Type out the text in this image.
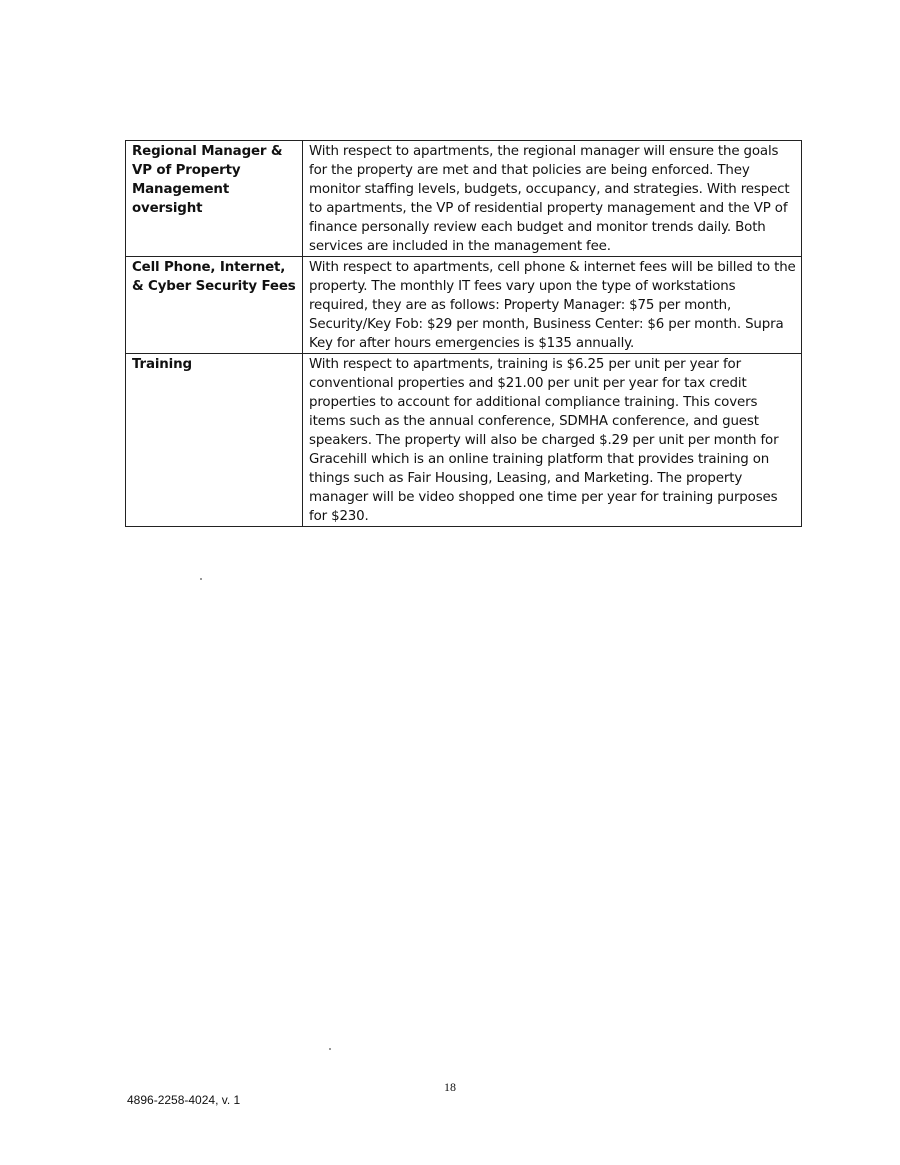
Regional Manager & VP of Property Management oversight	With respect to apartments, the regional manager will ensure the goals for the property are met and that policies are being enforced. They monitor staffing levels, budgets, occupancy, and strategies. With respect to apartments, the VP of residential property management and the VP of finance personally review each budget and monitor trends daily. Both services are included in the management fee.
Cell Phone, Internet, & Cyber Security Fees	With respect to apartments, cell phone & internet fees will be billed to the property. The monthly IT fees vary upon the type of workstations required, they are as follows: Property Manager: $75 per month, Security/Key Fob: $29 per month, Business Center: $6 per month. Supra Key for after hours emergencies is $135 annually.
Training	With respect to apartments, training is $6.25 per unit per year for conventional properties and $21.00 per unit per year for tax credit properties to account for additional compliance training. This covers items such as the annual conference, SDMHA conference, and guest speakers. The property will also be charged $.29 per unit per month for Gracehill which is an online training platform that provides training on things such as Fair Housing, Leasing, and Marketing. The property manager will be video shopped one time per year for training purposes for $230.
18
4896-2258-4024, v. 1
